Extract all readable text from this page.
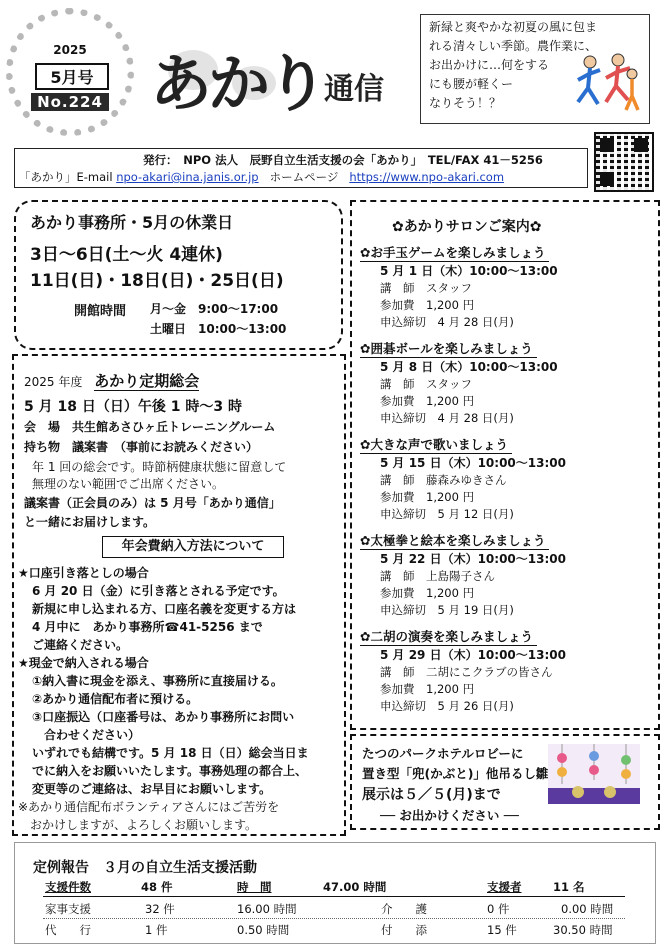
2025
5月号
No.224 あかり通信
新緑と爽やかな初夏の風に包ま
れる清々しい季節。農作業に、
お出かけに…何をする
にも腰が軽くー
なりそう！？
発行：　NPO 法人　辰野自立生活支援の会「あかり」　TEL/FAX 41－5256
「あかり」E-mail npo-akari@ina.janis.or.jp ホームページ https://www.npo-akari.com
あかり事務所・5月の休業日
3日～6日(土～火 4連休)
11日(日)・18日(日)・25日(日)
開館時間 月～金　9:00～17:00
土曜日　10:00～13:00
2025 年度 あかり定期総会
5 月 18 日（日）午後 1 時～3 時
会　場　共生館あさひヶ丘トレーニングルーム
持ち物　議案書　（事前にお読みください）
年 1 回の総会です。時節柄健康状態に留意して
無理のない範囲でご出席ください。
議案書（正会員のみ）は 5 月号「あかり通信」
と一緒にお届けします。
年会費納入方法について
★口座引き落としの場合
6 月 20 日（金）に引き落とされる予定です。
新規に申し込まれる方、口座名義を変更する方は
4 月中に　あかり事務所☎41-5256 まで
ご連絡ください。
★現金で納入される場合
①納入書に現金を添え、事務所に直接届ける。
②あかり通信配布者に預ける。
③口座振込（口座番号は、あかり事務所にお問い
　合わせください）
いずれでも結構です。5 月 18 日（日）総会当日ま
でに納入をお願いいたします。事務処理の都合上、
変更等のご連絡は、お早目にお願いします。
※あかり通信配布ボランティアさんにはご苦労を
　おかけしますが、よろしくお願いします。
✿あかりサロンご案内✿
✿お手玉ゲームを楽しみましょう
5 月 1 日（木）10:00～13:00
講　師　スタッフ
参加費　1,200 円
申込締切　4 月 28 日(月)
✿囲碁ボールを楽しみましょう
5 月 8 日（木）10:00～13:00
講　師　スタッフ
参加費　1,200 円
申込締切　4 月 28 日(月)
✿大きな声で歌いましょう
5 月 15 日（木）10:00～13:00
講　師　藤森みゆきさん
参加費　1,200 円
申込締切　5 月 12 日(月)
✿太極拳と絵本を楽しみましょう
5 月 22 日（木）10:00～13:00
講　師　上島陽子さん
参加費　1,200 円
申込締切　5 月 19 日(月)
✿二胡の演奏を楽しみましょう
5 月 29 日（木）10:00～13:00
講　師　二胡にこクラブの皆さん
参加費　1,200 円
申込締切　5 月 26 日(月)
たつのパークホテルロビーに
置き型「兜(かぶと)」他吊るし雛
展示は５／５(月)まで
── お出かけください ──
定例報告　３月の自立生活支援活動
支援件数	48 件	時　間	47.00 時間	支援者	11 名
家事支援	32 件	16.00 時間	介　　護	0 件	0.00 時間
代　　行	1 件	0.50 時間	付　　添	15 件	30.50 時間
